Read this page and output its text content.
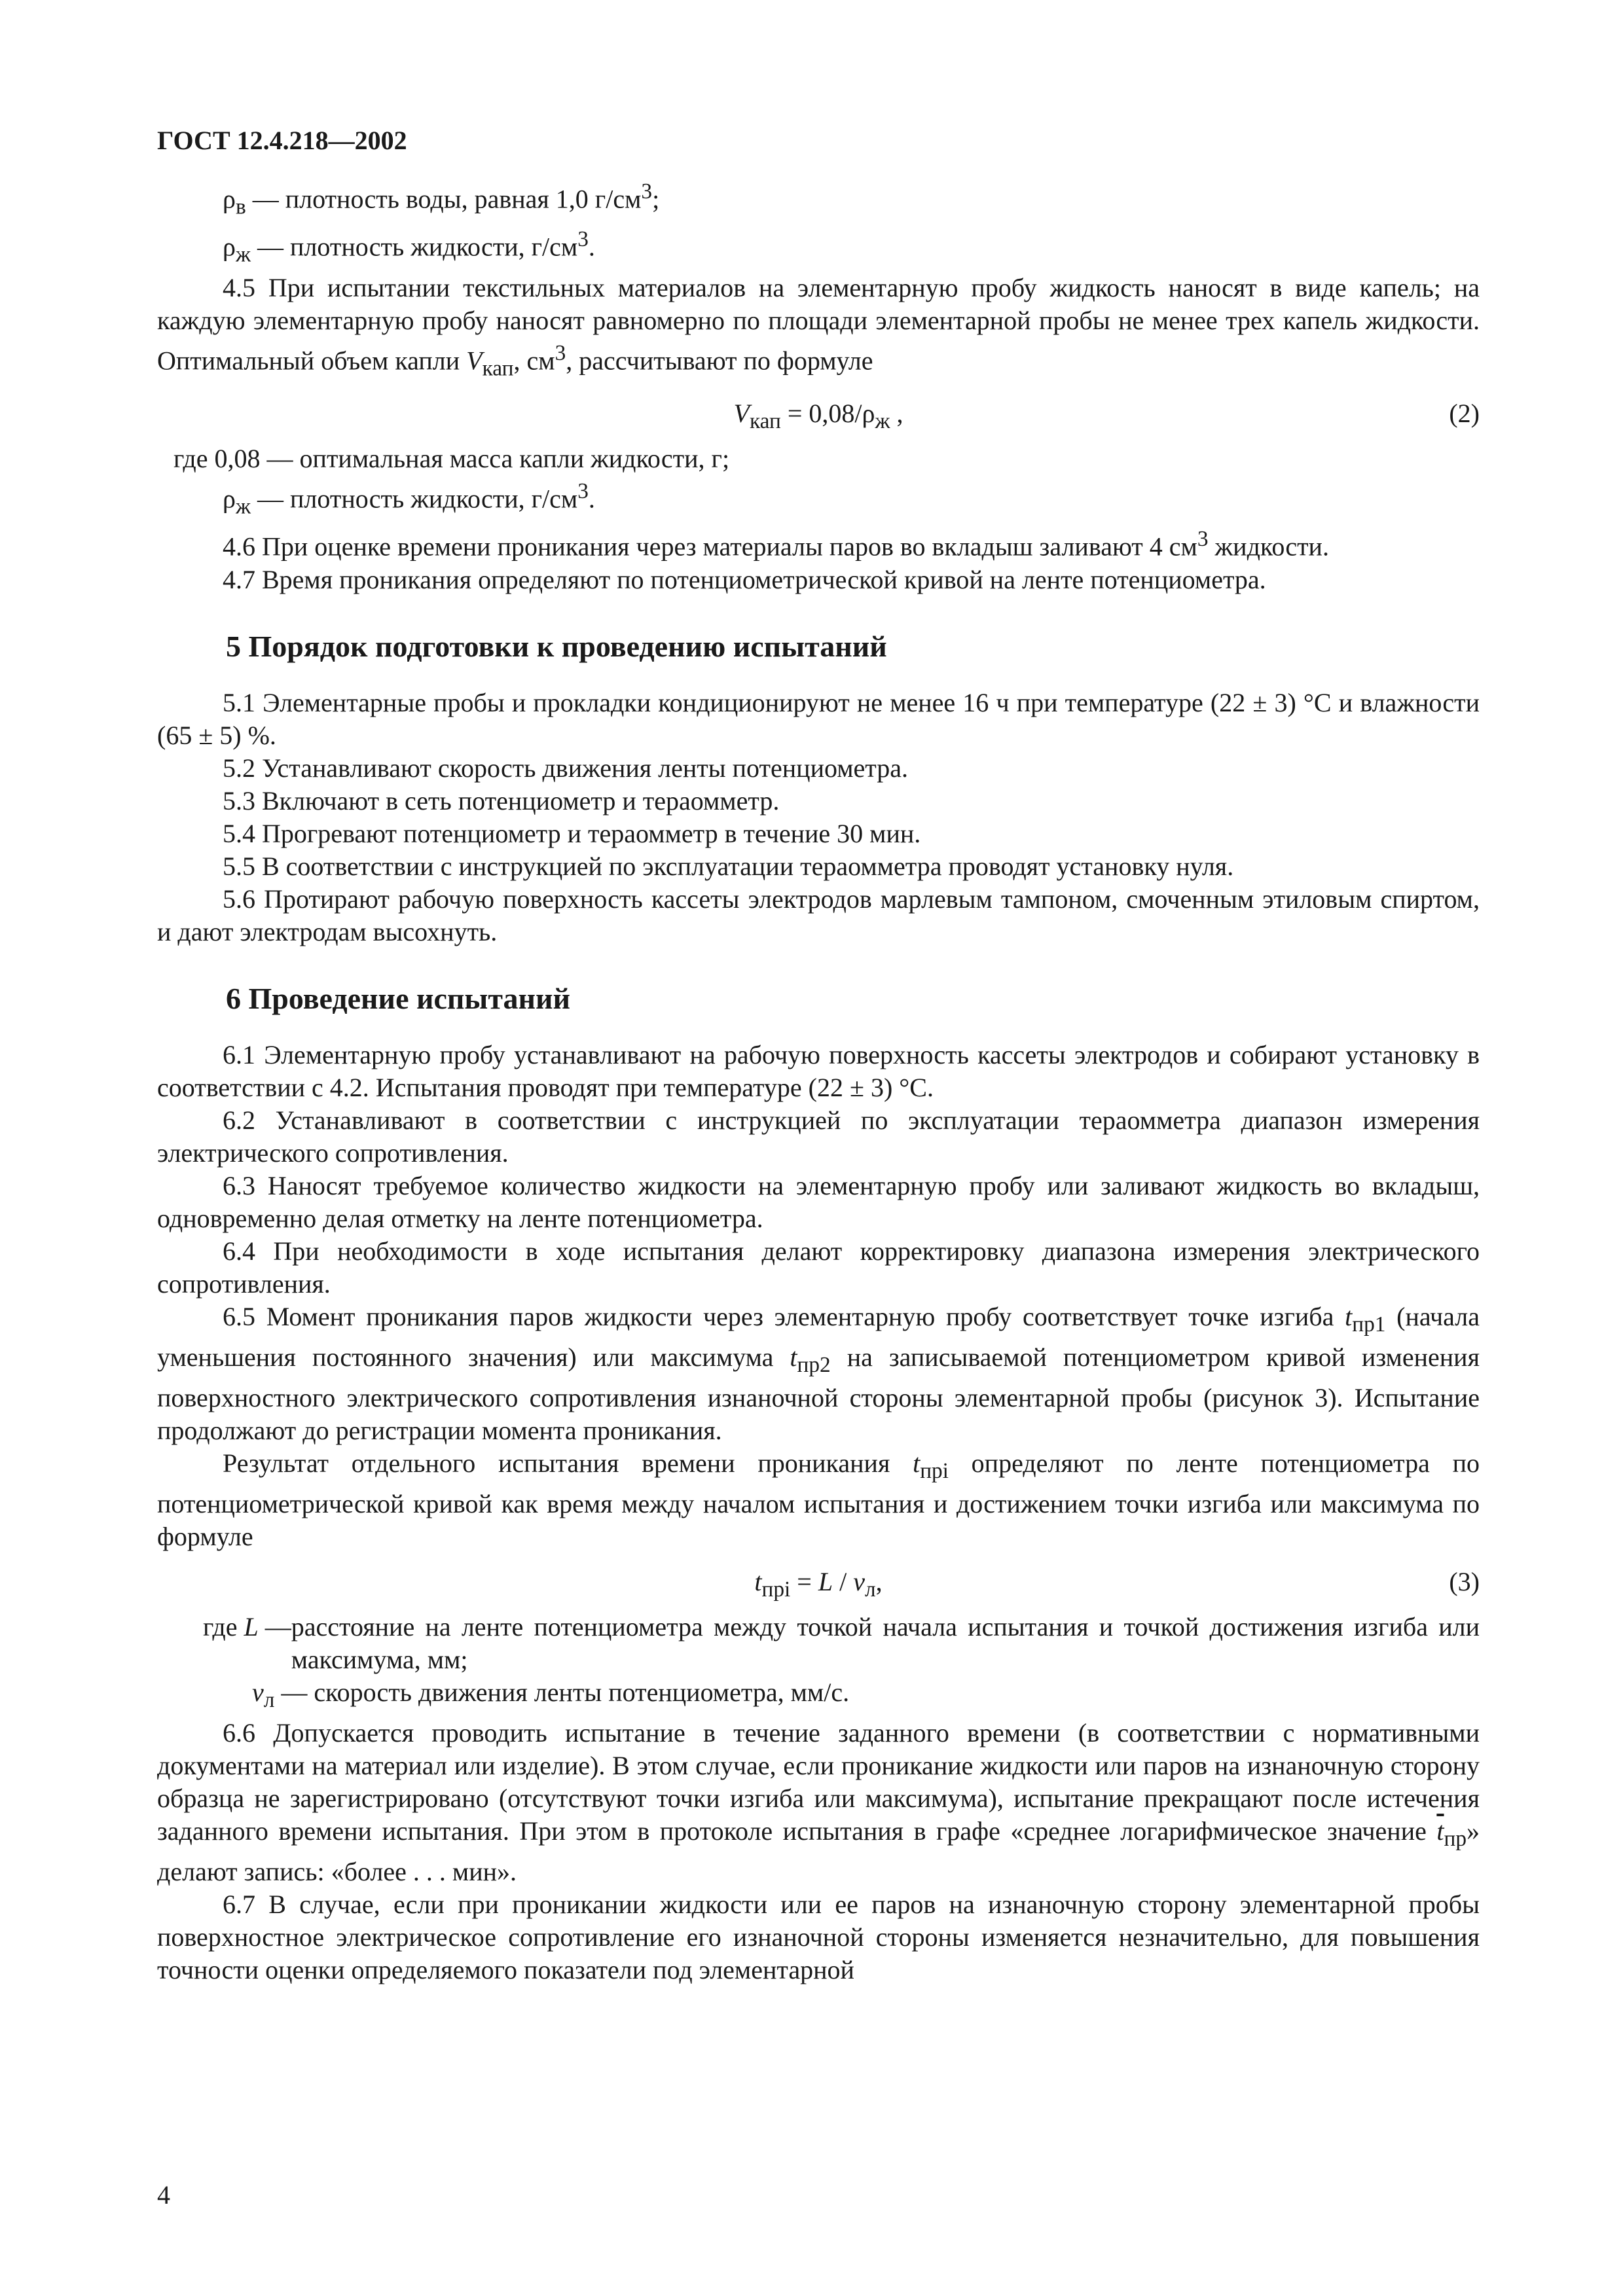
ГОСТ 12.4.218—2002

$\rho_в$ — плотность воды, равная 1,0 $г/см^3$;

$\rho_ж$ — плотность жидкости, $г/см^3$.

4.5 При испытании текстильных материалов на элементарную пробу жидкость наносят в виде капель; на каждую элементарную пробу наносят равномерно по площади элементарной пробы не менее трех капель жидкости. Оптимальный объем капли $V_{кап}$, $см^3$, рассчитывают по формуле

$V_{кап} = 0,08/\rho_ж$ ,	(2)

где 0,08 — оптимальная масса капли жидкости, г;

$\rho_ж$ — плотность жидкости, $г/см^3$.

4.6 При оценке времени проникания через материалы паров во вкладыш заливают 4 $см^3$ жидкости.

4.7 Время проникания определяют по потенциометрической кривой на ленте потенциометра.

5 Порядок подготовки к проведению испытаний

5.1 Элементарные пробы и прокладки кондиционируют не менее 16 ч при температуре (22 ± 3) °С и влажности (65 ± 5) %.

5.2 Устанавливают скорость движения ленты потенциометра.

5.3 Включают в сеть потенциометр и тераомметр.

5.4 Прогревают потенциометр и тераомметр в течение 30 мин.

5.5 В соответствии с инструкцией по эксплуатации тераомметра проводят установку нуля.

5.6 Протирают рабочую поверхность кассеты электродов марлевым тампоном, смоченным этиловым спиртом, и дают электродам высохнуть.

6 Проведение испытаний

6.1 Элементарную пробу устанавливают на рабочую поверхность кассеты электродов и собирают установку в соответствии с 4.2. Испытания проводят при температуре (22 ± 3) °С.

6.2 Устанавливают в соответствии с инструкцией по эксплуатации тераомметра диапазон измерения электрического сопротивления.

6.3 Наносят требуемое количество жидкости на элементарную пробу или заливают жидкость во вкладыш, одновременно делая отметку на ленте потенциометра.

6.4 При необходимости в ходе испытания делают корректировку диапазона измерения электрического сопротивления.

6.5 Момент проникания паров жидкости через элементарную пробу соответствует точке изгиба $t_{пр1}$ (начала уменьшения постоянного значения) или максимума $t_{пр2}$ на записываемой потенциометром кривой изменения поверхностного электрического сопротивления изнаночной стороны элементарной пробы (рисунок 3). Испытание продолжают до регистрации момента проникания.

Результат отдельного испытания времени проникания $t_{прi}$ определяют по ленте потенциометра по потенциометрической кривой как время между началом испытания и достижением точки изгиба или максимума по формуле

$t_{прi} = L / v_л$,	(3)
где L — расстояние на ленте потенциометра между точкой начала испытания и точкой достижения изгиба или максимума, мм;

$v_л$ — скорость движения ленты потенциометра, мм/с.

6.6 Допускается проводить испытание в течение заданного времени (в соответствии с нормативными документами на материал или изделие). В этом случае, если проникание жидкости или паров на изнаночную сторону образца не зарегистрировано (отсутствуют точки изгиба или максимума), испытание прекращают после истечения заданного времени испытания. При этом в протоколе испытания в графе «среднее логарифмическое значение $\overline{t}_{пр}$» делают запись: «более . . . мин».

6.7 В случае, если при проникании жидкости или ее паров на изнаночную сторону элементарной пробы поверхностное электрическое сопротивление его изнаночной стороны изменяется незначительно, для повышения точности оценки определяемого показатели под элементарной

4
